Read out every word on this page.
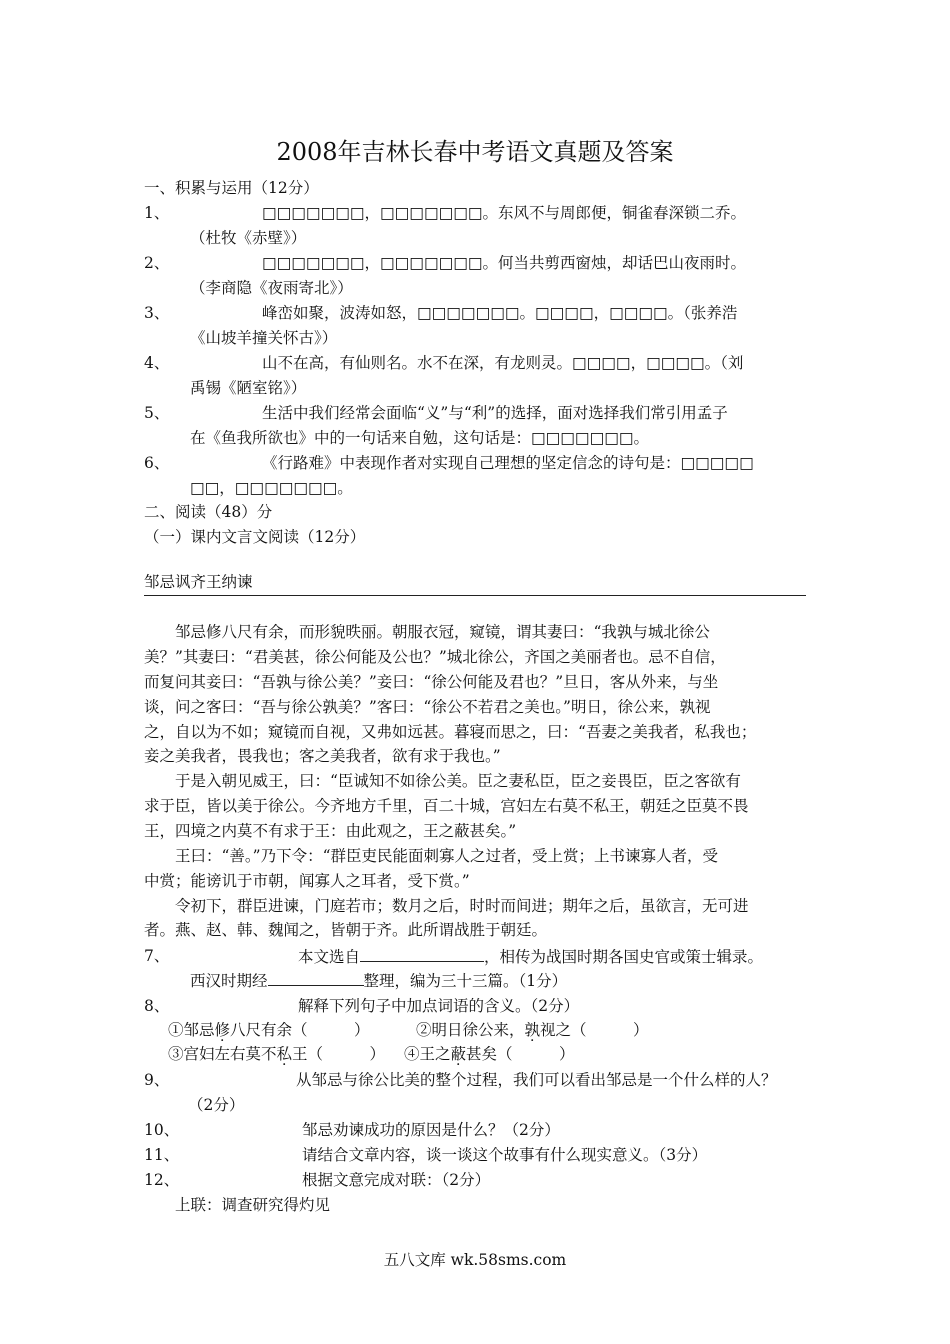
2008年吉林长春中考语文真题及答案
一、积累与运用（12分）
1、	□□□□□□□，□□□□□□□。东风不与周郎便，铜雀春深锁二乔。
（杜牧《赤壁》）
2、	□□□□□□□，□□□□□□□。何当共剪西窗烛，却话巴山夜雨时。
（李商隐《夜雨寄北》）
3、	峰峦如聚，波涛如怒，□□□□□□□。□□□□，□□□□。（张养浩
《山坡羊撞关怀古》）
4、	山不在高，有仙则名。水不在深，有龙则灵。□□□□，□□□□。（刘
禹锡《陋室铭》）
5、	生活中我们经常会面临“义”与“利”的选择，面对选择我们常引用孟子
在《鱼我所欲也》中的一句话来自勉，这句话是：□□□□□□□。
6、	《行路难》中表现作者对实现自己理想的坚定信念的诗句是：□□□□□
□□，□□□□□□□。
二、阅读（48）分
（一）课内文言文阅读（12分）
邹忌讽齐王纳谏
邹忌修八尺有余，而形貌昳丽。朝服衣冠，窥镜，谓其妻曰：“我孰与城北徐公
美？”其妻曰：“君美甚，徐公何能及公也？”城北徐公，齐国之美丽者也。忌不自信，
而复问其妾曰：“吾孰与徐公美？”妾曰：“徐公何能及君也？”旦日，客从外来，与坐
谈，问之客曰：“吾与徐公孰美？”客曰：“徐公不若君之美也。”明日，徐公来，孰视
之，自以为不如；窥镜而自视，又弗如远甚。暮寝而思之，曰：“吾妻之美我者，私我也；
妾之美我者，畏我也；客之美我者，欲有求于我也。”
于是入朝见威王，曰：“臣诚知不如徐公美。臣之妻私臣，臣之妾畏臣，臣之客欲有
求于臣，皆以美于徐公。今齐地方千里，百二十城，宫妇左右莫不私王，朝廷之臣莫不畏
王，四境之内莫不有求于王：由此观之，王之蔽甚矣。”
王曰：“善。”乃下令：“群臣吏民能面刺寡人之过者，受上赏；上书谏寡人者，受
中赏；能谤讥于市朝，闻寡人之耳者，受下赏。”
令初下，群臣进谏，门庭若市；数月之后，时时而间进；期年之后，虽欲言，无可进
者。燕、赵、韩、魏闻之，皆朝于齐。此所谓战胜于朝廷。
7、	本文选自	，相传为战国时期各国史官或策士辑录。
西汉时期经	整理，编为三十三篇。（1分）
8、	解释下列句子中加点词语的含义。（2分）
①邹忌修八尺有余（　　　）	②明日徐公来，孰视之（　　　）
③宫妇左右莫不私王（　　　） ④王之蔽甚矣（　　　）
9、	从邹忌与徐公比美的整个过程，我们可以看出邹忌是一个什么样的人？
（2分）
10、	邹忌劝谏成功的原因是什么？（2分）
11、	请结合文章内容，谈一谈这个故事有什么现实意义。（3分）
12、	根据文意完成对联：（2分）
上联：调查研究得灼见
五八文库 wk.58sms.com
